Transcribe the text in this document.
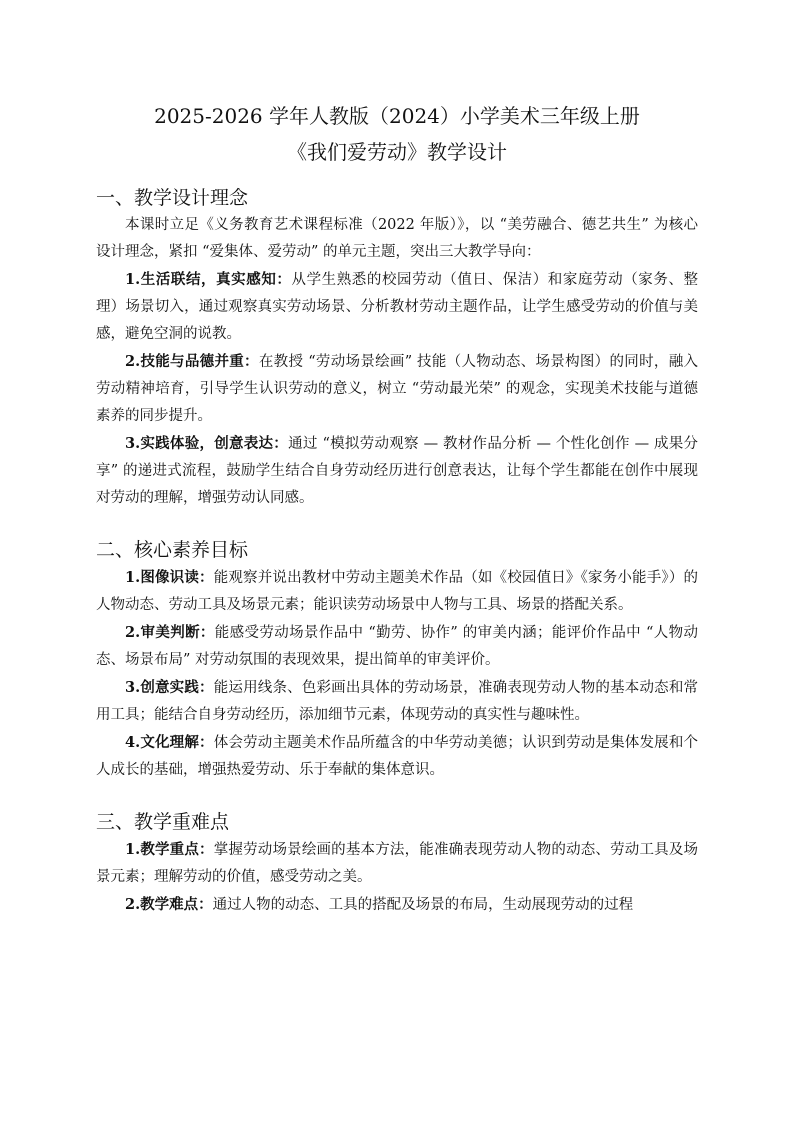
2025-2026 学年人教版（2024）小学美术三年级上册
《我们爱劳动》教学设计
一、教学设计理念

本课时立足《义务教育艺术课程标准（2022 年版）》，以 “美劳融合、德艺共生” 为核心设计理念，紧扣 “爱集体、爱劳动” 的单元主题，突出三大教学导向：

1.生活联结，真实感知：从学生熟悉的校园劳动（值日、保洁）和家庭劳动（家务、整理）场景切入，通过观察真实劳动场景、分析教材劳动主题作品，让学生感受劳动的价值与美感，避免空洞的说教。

2.技能与品德并重：在教授 “劳动场景绘画” 技能（人物动态、场景构图）的同时，融入劳动精神培育，引导学生认识劳动的意义，树立 “劳动最光荣” 的观念，实现美术技能与道德素养的同步提升。

3.实践体验，创意表达：通过 “模拟劳动观察 — 教材作品分析 — 个性化创作 — 成果分享” 的递进式流程，鼓励学生结合自身劳动经历进行创意表达，让每个学生都能在创作中展现对劳动的理解，增强劳动认同感。

二、核心素养目标

1.图像识读：能观察并说出教材中劳动主题美术作品（如《校园值日》《家务小能手》）的人物动态、劳动工具及场景元素；能识读劳动场景中人物与工具、场景的搭配关系。

2.审美判断：能感受劳动场景作品中 “勤劳、协作” 的审美内涵；能评价作品中 “人物动态、场景布局” 对劳动氛围的表现效果，提出简单的审美评价。

3.创意实践：能运用线条、色彩画出具体的劳动场景，准确表现劳动人物的基本动态和常用工具；能结合自身劳动经历，添加细节元素，体现劳动的真实性与趣味性。

4.文化理解：体会劳动主题美术作品所蕴含的中华劳动美德；认识到劳动是集体发展和个人成长的基础，增强热爱劳动、乐于奉献的集体意识。

三、教学重难点

1.教学重点：掌握劳动场景绘画的基本方法，能准确表现劳动人物的动态、劳动工具及场景元素；理解劳动的价值，感受劳动之美。

2.教学难点：通过人物的动态、工具的搭配及场景的布局，生动展现劳动的过程
